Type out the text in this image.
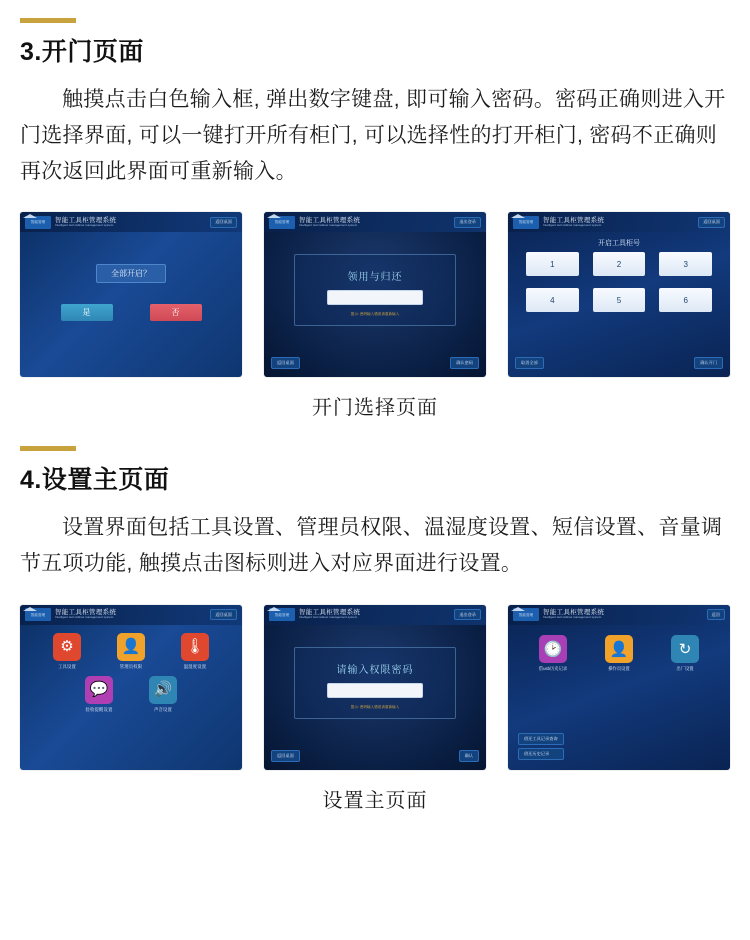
3.开门页面

触摸点击白色输入框, 弹出数字键盘, 即可输入密码。密码正确则进入开门选择界面, 可以一键打开所有柜门, 可以选择性的打开柜门, 密码不正确则再次返回此界面可重新输入。

智能管理 智能工具柜管理系统
Intelligent tool cabinet management system
返回桌面
全部开启？
是	否
智能管理 智能工具柜管理系统
Intelligent tool cabinet management system
退出登录
领用与归还
提示: 密码输入错误请重新输入
返回桌面	确认密码
智能管理 智能工具柜管理系统
Intelligent tool cabinet management system
返回桌面
开启工具柜号
1	2	3
4	5	6
取消全部	确认开门
开门选择页面
4.设置主页面

设置界面包括工具设置、管理员权限、温湿度设置、短信设置、音量调节五项功能, 触摸点击图标则进入对应界面进行设置。

智能管理 智能工具柜管理系统
Intelligent tool cabinet management system
返回桌面
⚙
工具设置
👤
管理员权限
🌡
温湿度设置
💬
验收提醒设置
🔊
声音设置
智能管理 智能工具柜管理系统
Intelligent tool cabinet management system
退出登录
请输入权限密码
提示: 密码输入错误请重新输入
返回桌面	确认
智能管理 智能工具柜管理系统
Intelligent tool cabinet management system
返回
🕑
借usb历史记录
👤
操作员设置
↻
出厂设置
借还工具记录查询
借还历史记录
设置主页面
